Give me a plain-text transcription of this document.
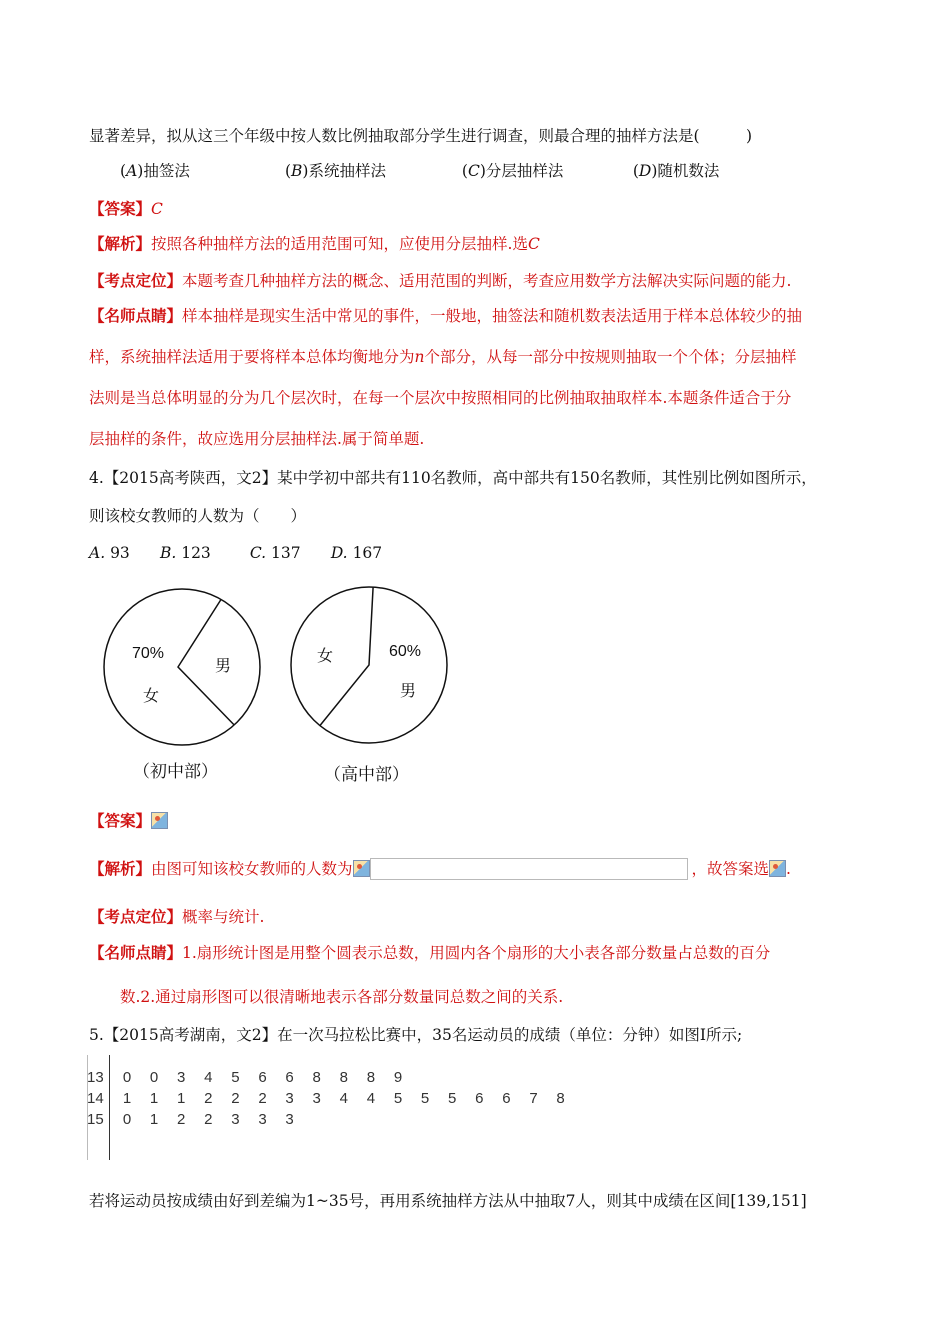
显著差异，拟从这三个年级中按人数比例抽取部分学生进行调查，则最合理的抽样方法是(　　　)
(A)抽签法	(B)系统抽样法	(C)分层抽样法	(D)随机数法
【答案】C
【解析】按照各种抽样方法的适用范围可知，应使用分层抽样.选C
【考点定位】本题考查几种抽样方法的概念、适用范围的判断，考查应用数学方法解决实际问题的能力.
【名师点睛】样本抽样是现实生活中常见的事件，一般地，抽签法和随机数表法适用于样本总体较少的抽
样，系统抽样法适用于要将样本总体均衡地分为n个部分，从每一部分中按规则抽取一个个体；分层抽样
法则是当总体明显的分为几个层次时，在每一个层次中按照相同的比例抽取抽取样本.本题条件适合于分
层抽样的条件，故应选用分层抽样法.属于简单题.
4.【2015高考陕西，文2】某中学初中部共有110名教师，高中部共有150名教师，其性别比例如图所示，
则该校女教师的人数为（　　）
A. 93 B. 123	C. 137 D. 167
70%
女
男
（初中部）
女	60%
男
（高中部）
【答案】
【解析】由图可知该校女教师的人数为	，故答案选 .
【考点定位】概率与统计.
【名师点睛】1.扇形统计图是用整个圆表示总数，用圆内各个扇形的大小表各部分数量占总数的百分
数.2.通过扇形图可以很清晰地表示各部分数量同总数之间的关系.
5.【2015高考湖南，文2】在一次马拉松比赛中，35名运动员的成绩（单位：分钟）如图I所示;
13	0	0	3	4	5	6	6	8	8	8	9
14	1	1	1	2	2	2	3	3	4	4	5	5	5	6	6	7	8
15	0	1	2	2	3	3	3
若将运动员按成绩由好到差编为1~35号，再用系统抽样方法从中抽取7人，则其中成绩在区间[139,151]
